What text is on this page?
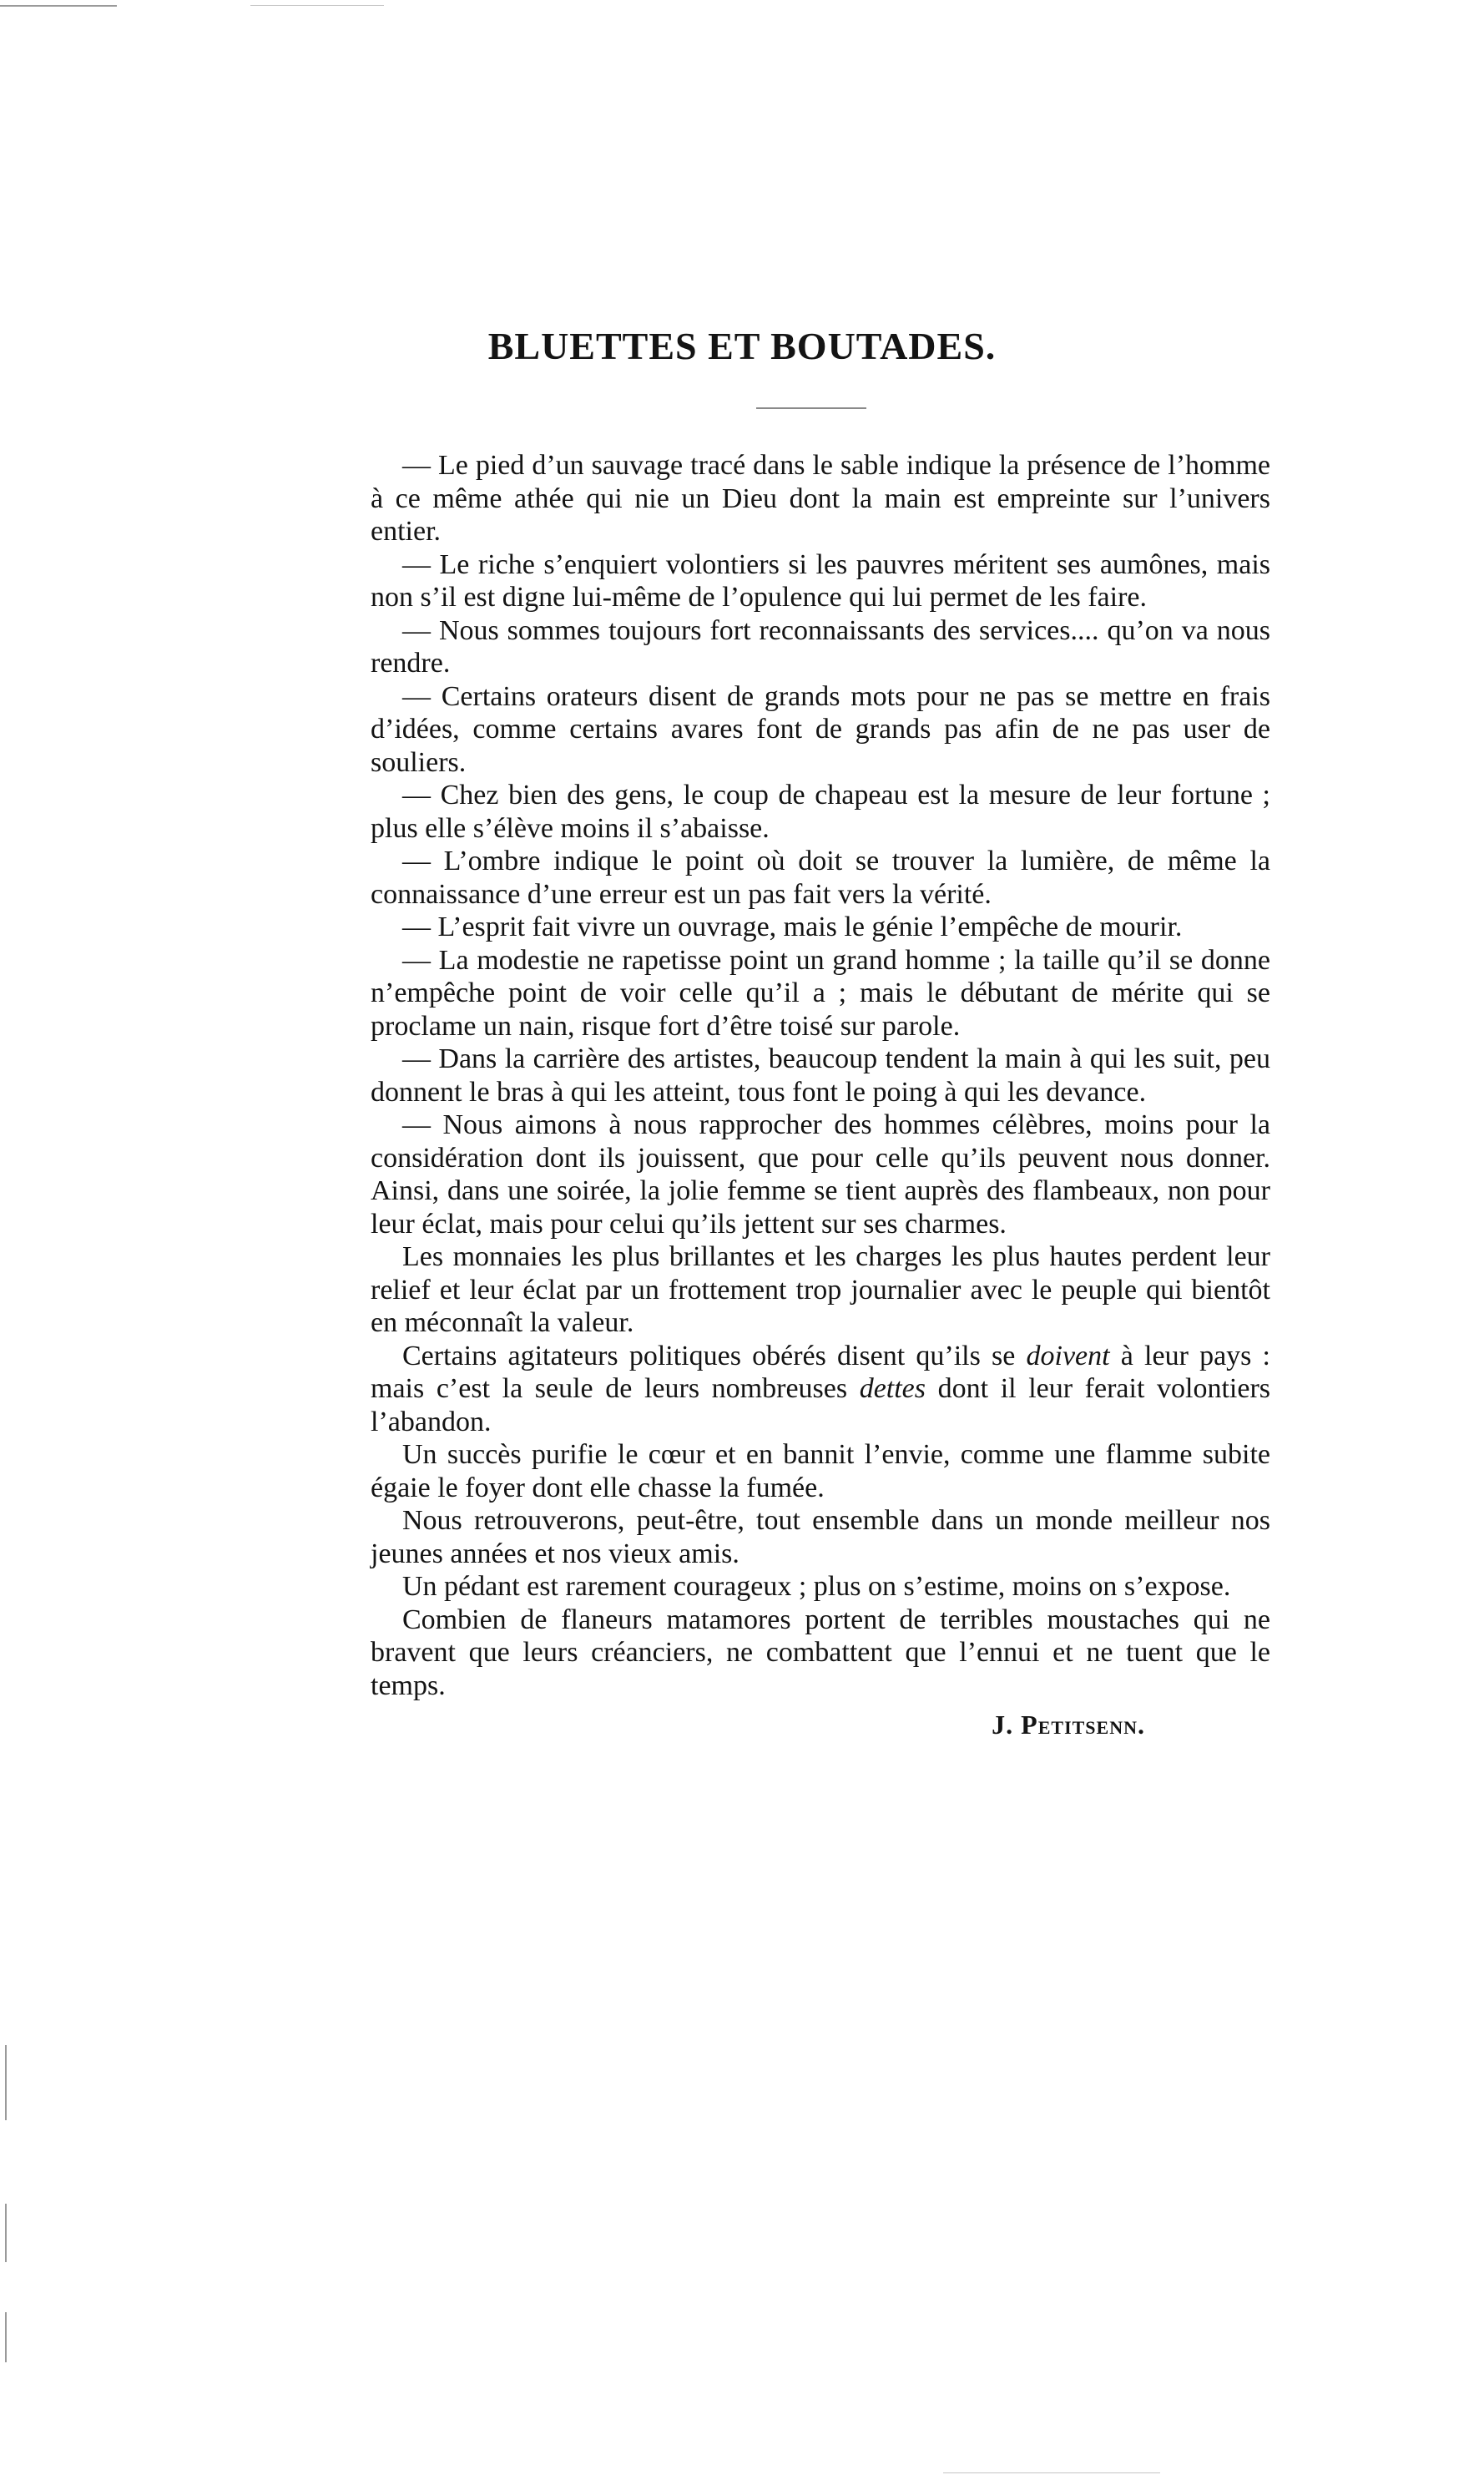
BLUETTES ET BOUTADES.

— Le pied d’un sauvage tracé dans le sable indique la présence de l’homme à ce même athée qui nie un Dieu dont la main est empreinte sur l’univers entier.

— Le riche s’enquiert volontiers si les pauvres méritent ses aumônes, mais non s’il est digne lui-même de l’opulence qui lui permet de les faire.

— Nous sommes toujours fort reconnaissants des services.... qu’on va nous rendre.

— Certains orateurs disent de grands mots pour ne pas se mettre en frais d’idées, comme certains avares font de grands pas afin de ne pas user de souliers.

— Chez bien des gens, le coup de chapeau est la mesure de leur fortune ; plus elle s’élève moins il s’abaisse.

— L’ombre indique le point où doit se trouver la lumière, de même la connaissance d’une erreur est un pas fait vers la vérité.

— L’esprit fait vivre un ouvrage, mais le génie l’empêche de mourir.

— La modestie ne rapetisse point un grand homme ; la taille qu’il se donne n’empêche point de voir celle qu’il a ; mais le débutant de mérite qui se proclame un nain, risque fort d’être toisé sur parole.

— Dans la carrière des artistes, beaucoup tendent la main à qui les suit, peu donnent le bras à qui les atteint, tous font le poing à qui les devance.

— Nous aimons à nous rapprocher des hommes célèbres, moins pour la considération dont ils jouissent, que pour celle qu’ils peuvent nous donner. Ainsi, dans une soirée, la jolie femme se tient auprès des flambeaux, non pour leur éclat, mais pour celui qu’ils jettent sur ses charmes.

Les monnaies les plus brillantes et les charges les plus hautes perdent leur relief et leur éclat par un frottement trop journalier avec le peuple qui bientôt en méconnaît la valeur.

Certains agitateurs politiques obérés disent qu’ils se doivent à leur pays : mais c’est la seule de leurs nombreuses dettes dont il leur ferait volontiers l’abandon.

Un succès purifie le cœur et en bannit l’envie, comme une flamme subite égaie le foyer dont elle chasse la fumée.

Nous retrouverons, peut-être, tout ensemble dans un monde meilleur nos jeunes années et nos vieux amis.

Un pédant est rarement courageux ; plus on s’estime, moins on s’expose.

Combien de flaneurs matamores portent de terribles moustaches qui ne bravent que leurs créanciers, ne combattent que l’ennui et ne tuent que le temps.

J. Petitsenn.
